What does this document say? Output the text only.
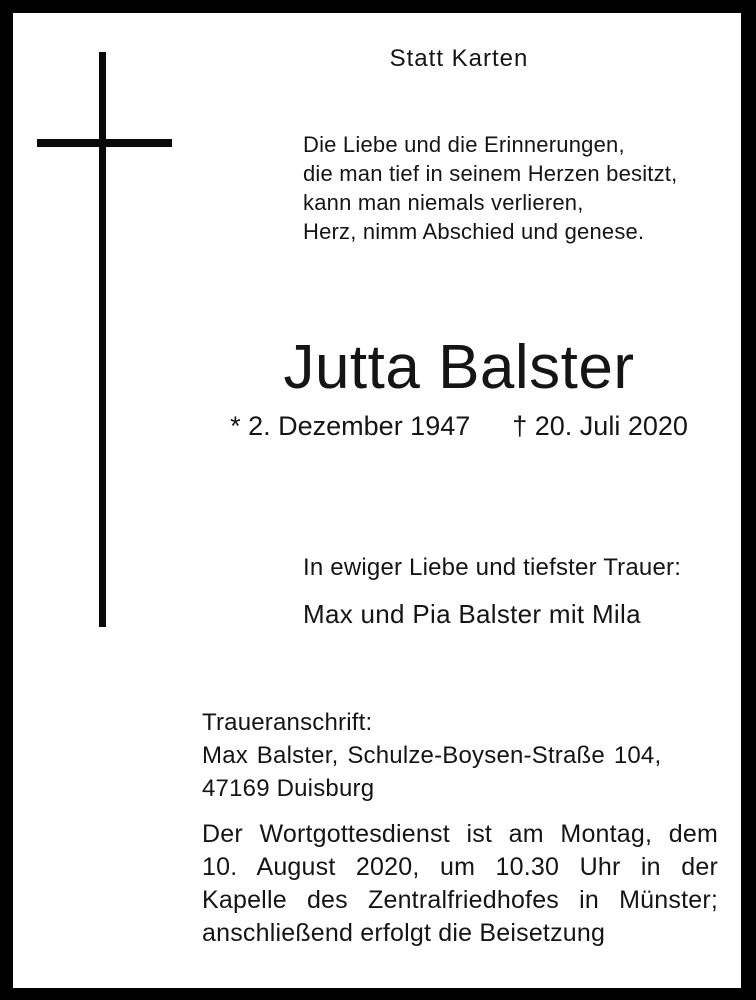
Statt Karten
Die Liebe und die Erinnerungen,
die man tief in seinem Herzen besitzt,
kann man niemals verlieren,
Herz, nimm Abschied und genese.
Jutta Balster
* 2. Dezember 1947 † 20. Juli 2020
In ewiger Liebe und tiefster Trauer:
Max und Pia Balster mit Mila
Traueranschrift:
Max Balster, Schulze-Boysen-Straße 104,
47169 Duisburg
Der Wortgottesdienst ist am Montag, dem
10. August 2020, um 10.30 Uhr in der
Kapelle des Zentralfriedhofes in Münster;
anschließend erfolgt die Beisetzung
